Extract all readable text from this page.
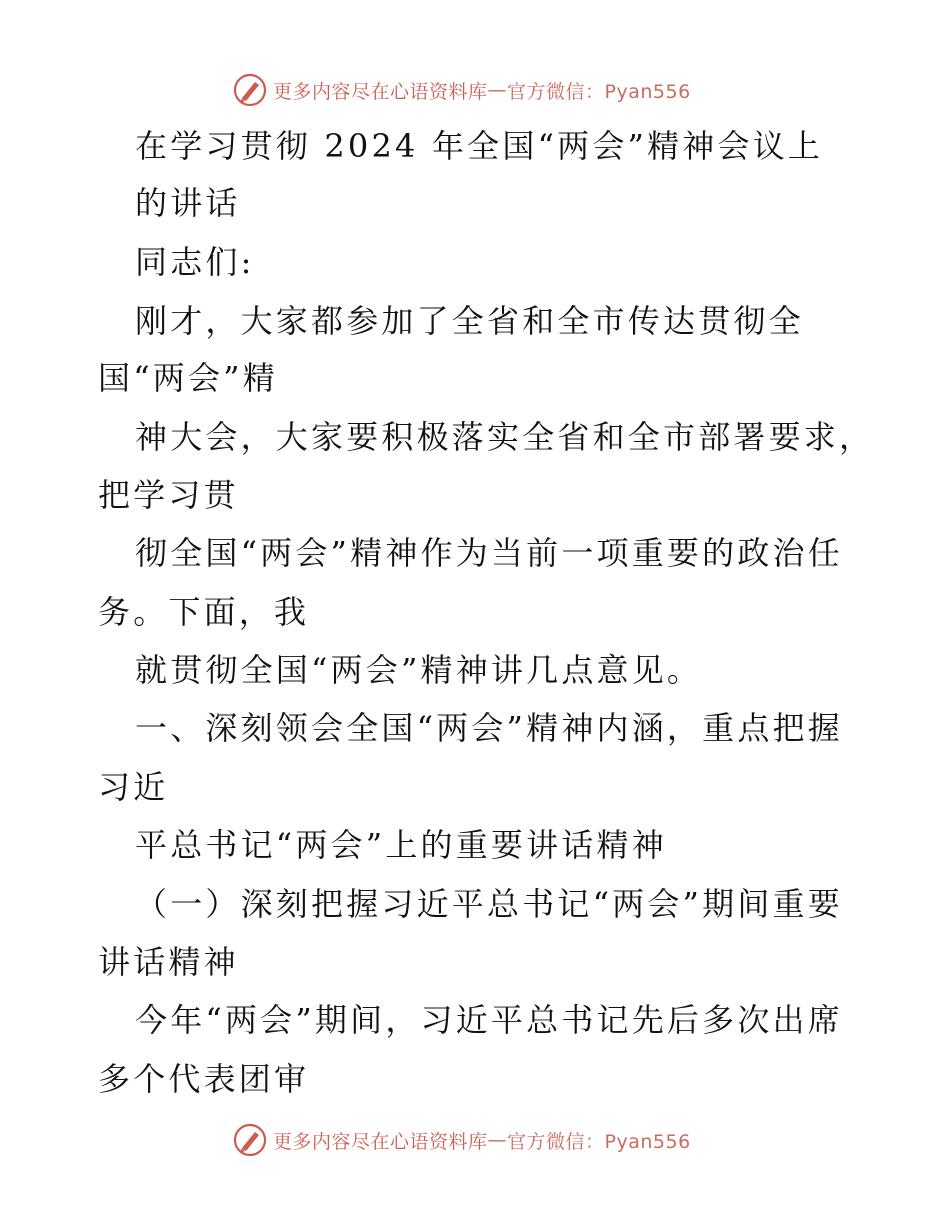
更多内容尽在心语资料库 — 官方微信：Pyan556
在学习贯彻 2024 年全国“两会”精神会议上
的讲话
同志们:
刚才，大家都参加了全省和全市传达贯彻全
国“两会”精
神大会，大家要积极落实全省和全市部署要求，
把学习贯
彻全国“两会”精神作为当前一项重要的政治任
务。下面，我
就贯彻全国“两会”精神讲几点意见。
一、深刻领会全国“两会”精神内涵，重点把握
习近
平总书记“两会”上的重要讲话精神
（一）深刻把握习近平总书记“两会”期间重要
讲话精神
今年“两会”期间，习近平总书记先后多次出席
多个代表团审
更多内容尽在心语资料库 — 官方微信：Pyan556
